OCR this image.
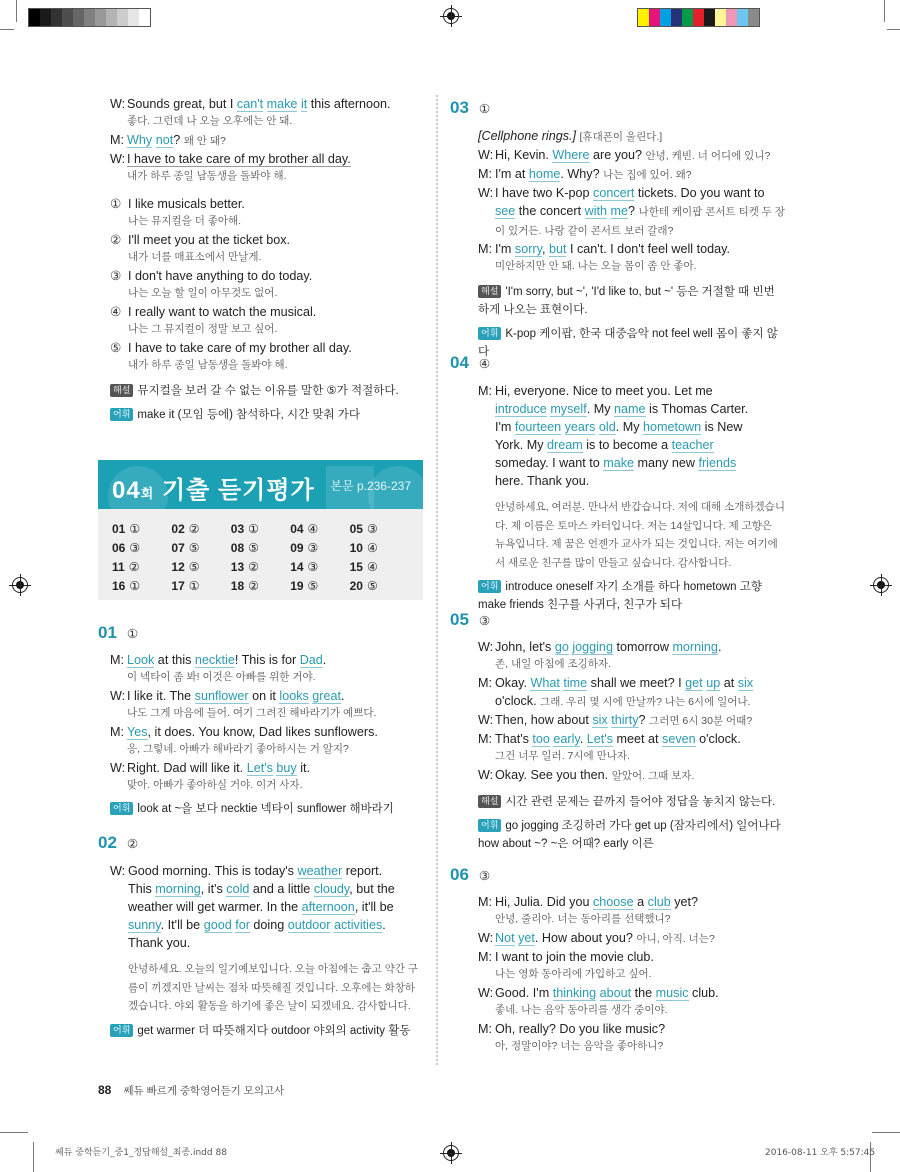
W: Sounds great, but I can't make it this afternoon.
좋다. 그런데 나 오늘 오후에는 안 돼.
M: Why not? 왜 안 돼?
W: I have to take care of my brother all day.
내가 하루 종일 남동생을 돌봐야 해.
① I like musicals better.
나는 뮤지컬을 더 좋아해.
② I'll meet you at the ticket box.
내가 너를 매표소에서 만날게.
③ I don't have anything to do today.
나는 오늘 할 일이 아무것도 없어.
④ I really want to watch the musical.
나는 그 뮤지컬이 정말 보고 싶어.
⑤ I have to take care of my brother all day.
내가 하루 종일 남동생을 돌봐야 해.
해설 뮤지컬을 보러 갈 수 없는 이유를 말한 ⑤가 적절하다.
어휘 make it (모임 등에) 참석하다, 시간 맞춰 가다
04회 기출 듣기평가 본문 p.236-237
01 ①	02 ②	03 ①	04 ④	05 ③
06 ③	07 ⑤	08 ⑤	09 ③	10 ④
11 ②	12 ⑤	13 ②	14 ③	15 ④
16 ①	17 ①	18 ②	19 ⑤	20 ⑤
01 ①
M: Look at this necktie! This is for Dad.
이 넥타이 좀 봐! 이것은 아빠를 위한 거야.
W: I like it. The sunflower on it looks great.
나도 그게 마음에 들어. 여기 그려진 해바라기가 예쁘다.
M: Yes, it does. You know, Dad likes sunflowers.
응, 그렇네. 아빠가 해바라기 좋아하시는 거 알지?
W: Right. Dad will like it. Let's buy it.
맞아. 아빠가 좋아하실 거야. 이거 사자.
어휘 look at ~을 보다 necktie 넥타이 sunflower 해바라기
02 ②
W: Good morning. This is today's weather report. This morning, it's cold and a little cloudy, but the weather will get warmer. In the afternoon, it'll be sunny. It'll be good for doing outdoor activities. Thank you.
안녕하세요. 오늘의 일기예보입니다. 오늘 아침에는 춥고 약간 구름이 끼겠지만 날씨는 점차 따뜻해질 것입니다. 오후에는 화창하겠습니다. 야외 활동을 하기에 좋은 날이 되겠네요. 감사합니다.
어휘 get warmer 더 따뜻해지다 outdoor 야외의 activity 활동
03 ①
[Cellphone rings.] [휴대폰이 울린다.]
W: Hi, Kevin. Where are you? 안녕, 케빈. 너 어디에 있니?
M: I'm at home. Why? 나는 집에 있어. 왜?
W: I have two K-pop concert tickets. Do you want to see the concert with me? 나한테 케이팝 콘서트 티켓 두 장이 있거든. 나랑 같이 콘서트 보러 갈래?
M: I'm sorry, but I can't. I don't feel well today.
미안하지만 안 돼. 나는 오늘 몸이 좀 안 좋아.
해설 'I'm sorry, but ~', 'I'd like to, but ~' 등은 거절할 때 빈번하게 나오는 표현이다.
어휘 K-pop 케이팝, 한국 대중음악 not feel well 몸이 좋지 않다
04 ④
M: Hi, everyone. Nice to meet you. Let me introduce myself. My name is Thomas Carter. I'm fourteen years old. My hometown is New York. My dream is to become a teacher someday. I want to make many new friends here. Thank you.
안녕하세요, 여러분. 만나서 반갑습니다. 저에 대해 소개하겠습니다. 제 이름은 토마스 카터입니다. 저는 14살입니다. 제 고향은 뉴욕입니다. 제 꿈은 언젠가 교사가 되는 것입니다. 저는 여기에서 새로운 친구를 많이 만들고 싶습니다. 감사합니다.
어휘 introduce oneself 자기 소개를 하다 hometown 고향 make friends 친구를 사귀다, 친구가 되다
05 ③
W: John, let's go jogging tomorrow morning.
존, 내일 아침에 조깅하자.
M: Okay. What time shall we meet? I get up at six o'clock. 그래. 우리 몇 시에 만날까? 나는 6시에 일어나.
W: Then, how about six thirty? 그러면 6시 30분 어때?
M: That's too early. Let's meet at seven o'clock.
그건 너무 일러. 7시에 만나자.
W: Okay. See you then. 알았어. 그때 보자.
해설 시간 관련 문제는 끝까지 들어야 정답을 놓치지 않는다.
어휘 go jogging 조깅하러 가다 get up (잠자리에서) 일어나다 how about ~? ~은 어때? early 이른
06 ③
M: Hi, Julia. Did you choose a club yet?
안녕, 줄리아. 너는 동아리를 선택했니?
W: Not yet. How about you? 아니, 아직. 너는?
M: I want to join the movie club.
나는 영화 동아리에 가입하고 싶어.
W: Good. I'm thinking about the music club.
좋네. 나는 음악 동아리를 생각 중이야.
M: Oh, really? Do you like music?
아, 정말이야? 너는 음악을 좋아하니?
88 쎄듀 빠르게 중학영어듣기 모의고사
쎄듀 중학듣기_중1_정답해설_최종.indd 88	2016-08-11 오후 5:57:45
